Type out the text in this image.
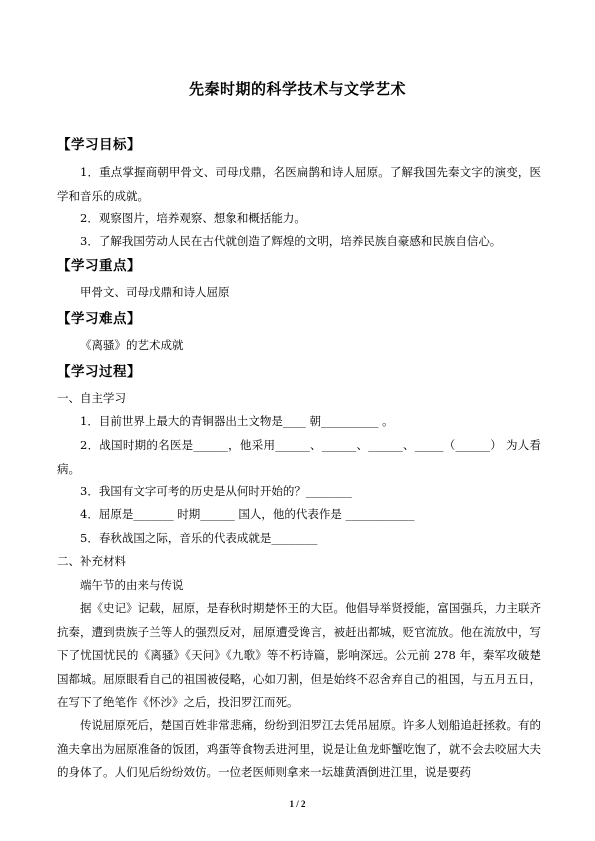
先秦时期的科学技术与文学艺术
【学习目标】

1．重点掌握商朝甲骨文、司母戊鼎，名医扁鹊和诗人屈原。了解我国先秦文字的演变，医学和音乐的成就。

2．观察图片，培养观察、想象和概括能力。

3．了解我国劳动人民在古代就创造了辉煌的文明，培养民族自豪感和民族自信心。

【学习重点】
甲骨文、司母戊鼎和诗人屈原
【学习难点】
《离骚》的艺术成就
【学习过程】
一、自主学习
1．目前世界上最大的青铜器出土文物是____ 朝__________ 。

2．战国时期的名医是______，他采用______、______、______、_____（______） 为人看病。

3．我国有文字可考的历史是从何时开始的？________
4．屈原是_______ 时期______ 国人，他的代表作是 ____________
5．春秋战国之际，音乐的代表成就是________
二、补充材料
端午节的由来与传说

据《史记》记载，屈原，是春秋时期楚怀王的大臣。他倡导举贤授能，富国强兵，力主联齐抗秦，遭到贵族子兰等人的强烈反对，屈原遭受谗言，被赶出都城，贬官流放。他在流放中，写下了忧国忧民的《离骚》《天问》《九歌》等不朽诗篇，影响深远。公元前 278 年，秦军攻破楚国都城。屈原眼看自己的祖国被侵略，心如刀割，但是始终不忍舍弃自己的祖国，与五月五日，在写下了绝笔作《怀沙》之后，投汨罗江而死。

传说屈原死后，楚国百姓非常悲痛，纷纷到汨罗江去凭吊屈原。许多人划船追赶拯救。有的渔夫拿出为屈原准备的饭团，鸡蛋等食物丢进河里，说是让鱼龙虾蟹吃饱了，就不会去咬屈大夫的身体了。人们见后纷纷效仿。一位老医师则拿来一坛雄黄酒倒进江里，说是要药

1 / 2
